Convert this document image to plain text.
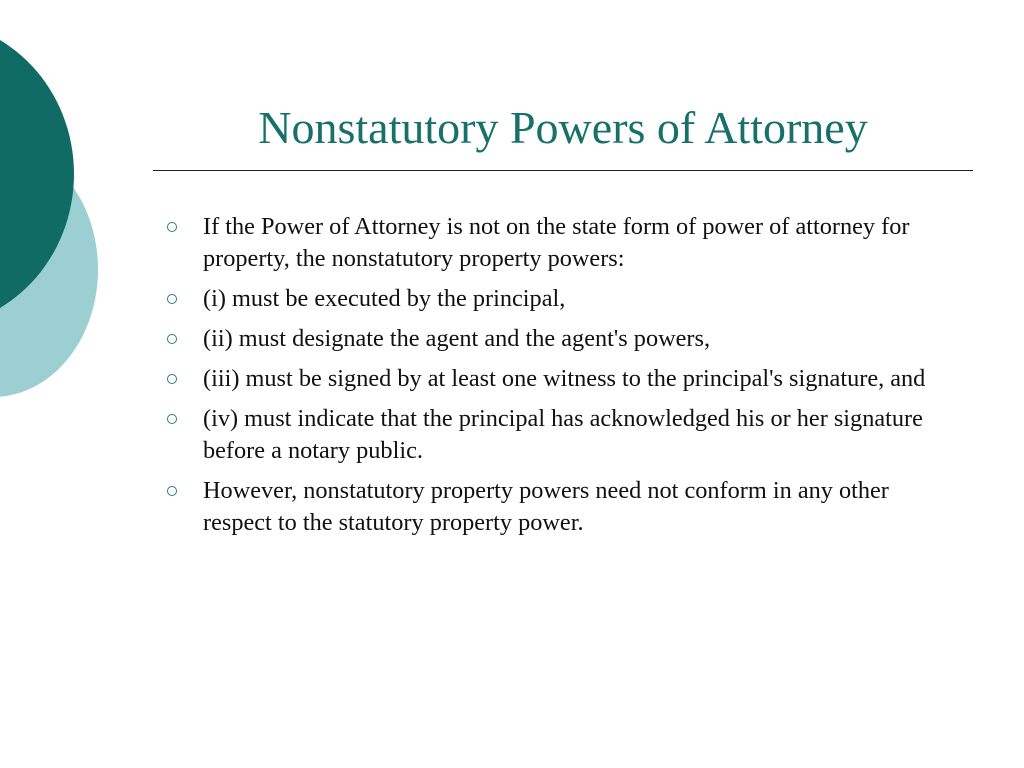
Nonstatutory Powers of Attorney
If the Power of Attorney is not on the state form of power of attorney for property, the nonstatutory property powers:
(i) must be executed by the principal,
(ii) must designate the agent and the agent's powers,
(iii) must be signed by at least one witness to the principal's signature, and
(iv) must indicate that the principal has acknowledged his or her signature before a notary public.
However, nonstatutory property powers need not conform in any other respect to the statutory property power.
